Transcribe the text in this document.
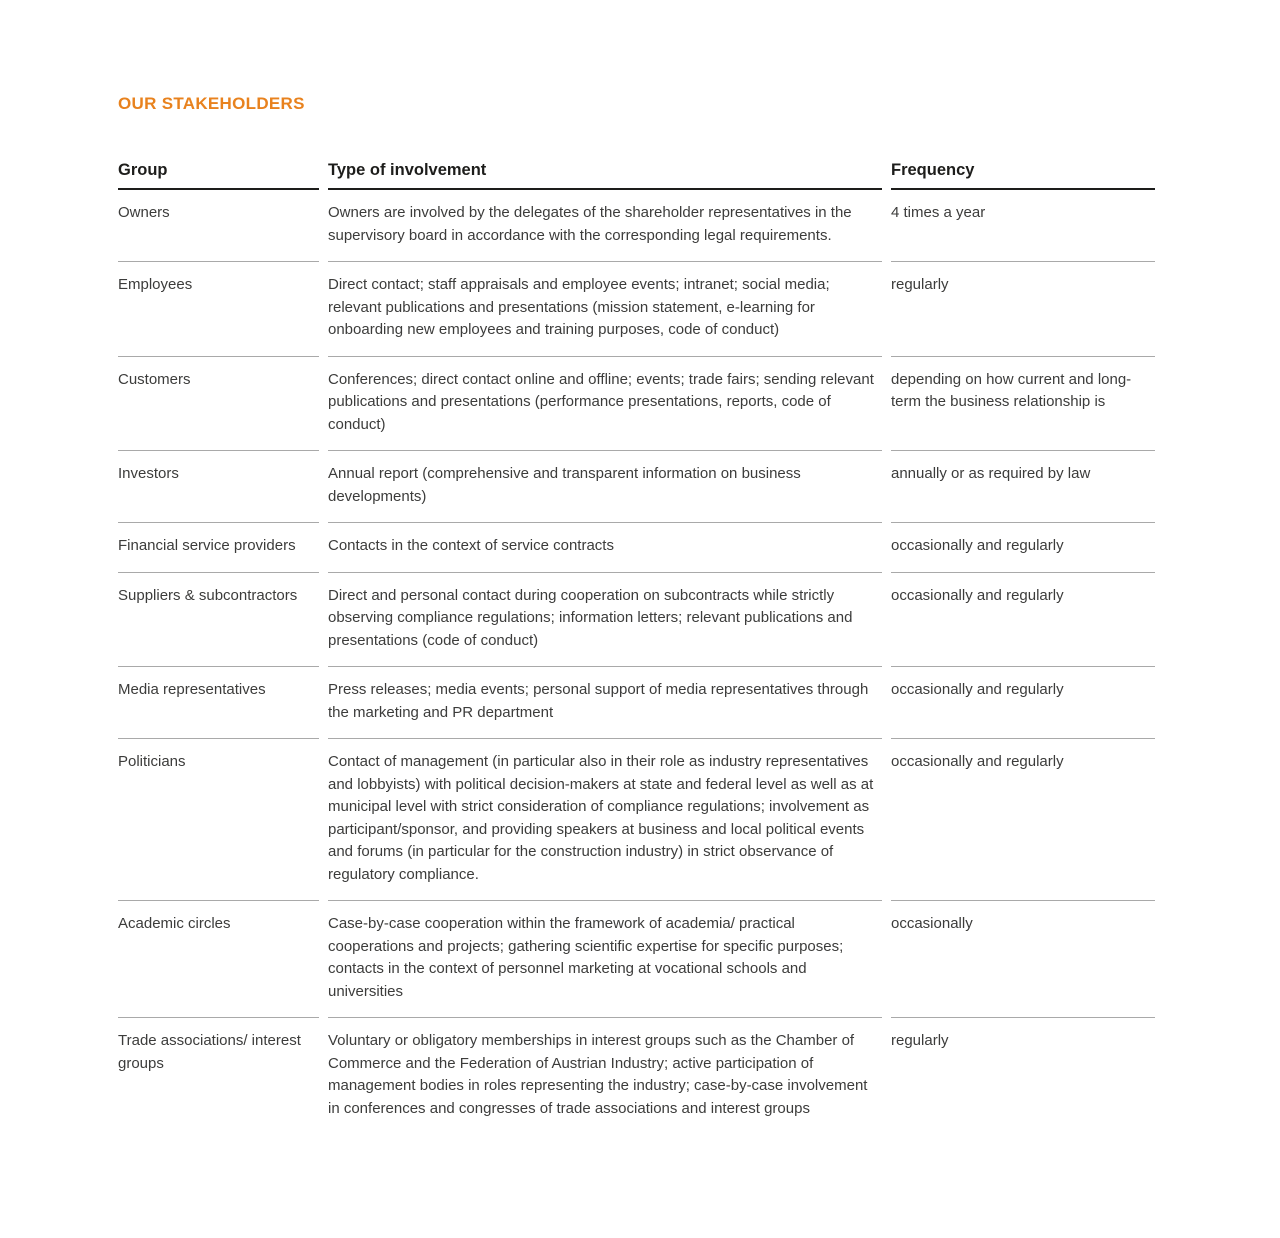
OUR STAKEHOLDERS
Group	Type of involvement	Frequency
Owners	Owners are involved by the delegates of the shareholder representatives in the supervisory board in accordance with the corresponding legal requirements.	4 times a year
Employees	Direct contact; staff appraisals and employee events; intranet; social media; relevant publications and presentations (mission statement, e-learning for onboarding new employees and training purposes, code of conduct)	regularly
Customers	Conferences; direct contact online and offline; events; trade fairs; sending relevant publications and presentations (performance presentations, reports, code of conduct)	depending on how current and long-term the business relationship is
Investors	Annual report (comprehensive and transparent information on business developments)	annually or as required by law
Financial service providers	Contacts in the context of service contracts	occasionally and regularly
Suppliers & subcontractors	Direct and personal contact during cooperation on subcontracts while strictly observing compliance regulations; information letters; relevant publications and presentations (code of conduct)	occasionally and regularly
Media representatives	Press releases; media events; personal support of media representatives through the marketing and PR department	occasionally and regularly
Politicians	Contact of management (in particular also in their role as industry representatives and lobbyists) with political decision-makers at state and federal level as well as at municipal level with strict consideration of compliance regulations; involvement as participant/sponsor, and providing speakers at business and local political events and forums (in particular for the construction industry) in strict observance of regulatory compliance.	occasionally and regularly
Academic circles	Case-by-case cooperation within the framework of academia/ practical cooperations and projects; gathering scientific expertise for specific purposes; contacts in the context of personnel marketing at vocational schools and universities	occasionally
Trade associations/ interest groups	Voluntary or obligatory memberships in interest groups such as the Chamber of Commerce and the Federation of Austrian Industry; active participation of management bodies in roles representing the industry; case-by-case involvement in conferences and congresses of trade associations and interest groups	regularly
